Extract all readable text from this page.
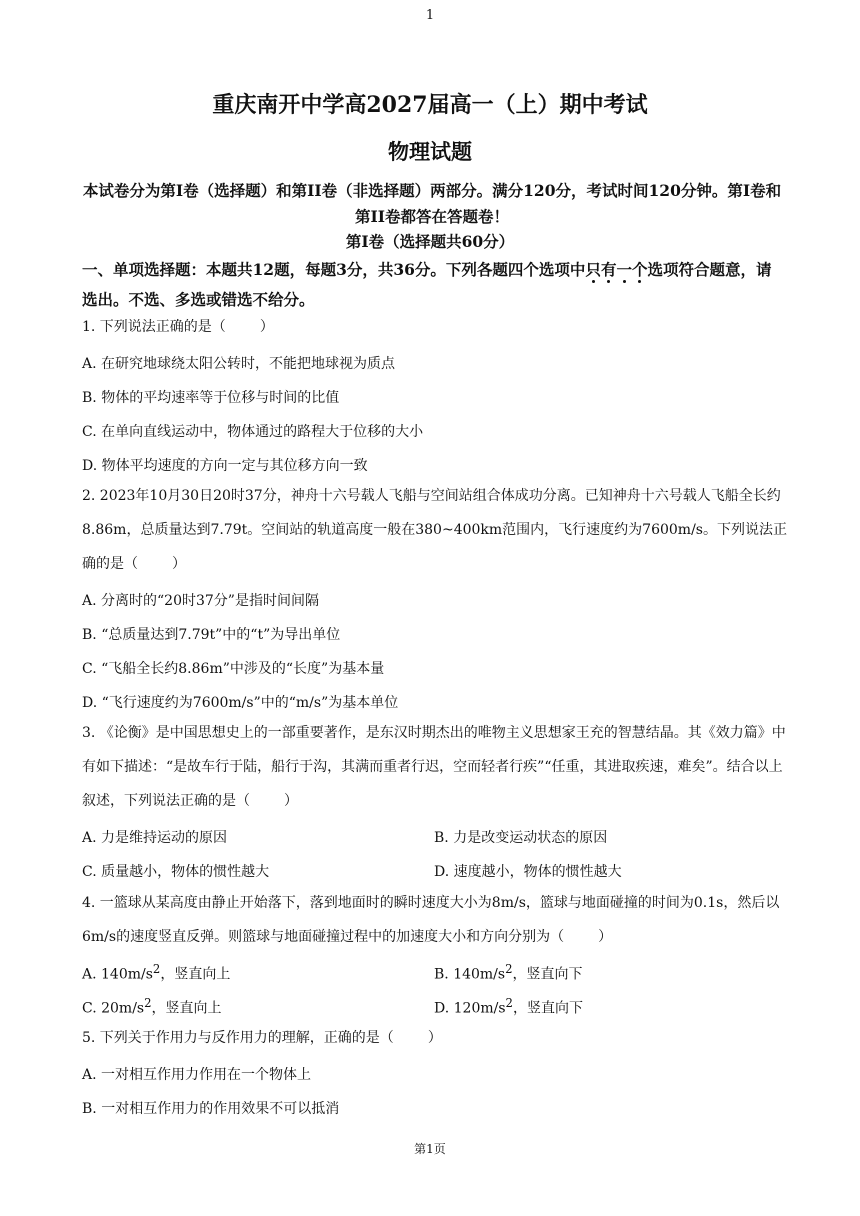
1
重庆南开中学高2027届高一（上）期中考试
物理试题
本试卷分为第I卷（选择题）和第II卷（非选择题）两部分。满分120分，考试时间120分钟。第I卷和第II卷都答在答题卷！
第I卷（选择题共60分）
一、单项选择题：本题共12题，每题3分，共36分。下列各题四个选项中只有一个选项符合题意，请选出。不选、多选或错选不给分。
1. 下列说法正确的是（ ）
A. 在研究地球绕太阳公转时，不能把地球视为质点
B. 物体的平均速率等于位移与时间的比值
C. 在单向直线运动中，物体通过的路程大于位移的大小
D. 物体平均速度的方向一定与其位移方向一致
2. 2023年10月30日20时37分，神舟十六号载人飞船与空间站组合体成功分离。已知神舟十六号载人飞船全长约8.86m，总质量达到7.79t。空间站的轨道高度一般在380~400km范围内，飞行速度约为7600m/s。下列说法正确的是（ ）
A. 分离时的“20时37分”是指时间间隔
B. “总质量达到7.79t”中的“t”为导出单位
C. “飞船全长约8.86m”中涉及的“长度”为基本量
D. “飞行速度约为7600m/s”中的“m/s”为基本单位
3. 《论衡》是中国思想史上的一部重要著作，是东汉时期杰出的唯物主义思想家王充的智慧结晶。其《效力篇》中有如下描述：“是故车行于陆，船行于沟，其满而重者行迟，空而轻者行疾”“任重，其进取疾速，难矣”。结合以上叙述，下列说法正确的是（ ）
A. 力是维持运动的原因	B. 力是改变运动状态的原因
C. 质量越小，物体的惯性越大	D. 速度越小，物体的惯性越大
4. 一篮球从某高度由静止开始落下，落到地面时的瞬时速度大小为8m/s，篮球与地面碰撞的时间为0.1s，然后以6m/s的速度竖直反弹。则篮球与地面碰撞过程中的加速度大小和方向分别为（ ）
A. $140m/s^2$，竖直向上	B. $140m/s^2$，竖直向下
C. $20m/s^2$，竖直向上	D. $120m/s^2$，竖直向下
5. 下列关于作用力与反作用力的理解，正确的是（ ）
A. 一对相互作用力作用在一个物体上
B. 一对相互作用力的作用效果不可以抵消
第1页
